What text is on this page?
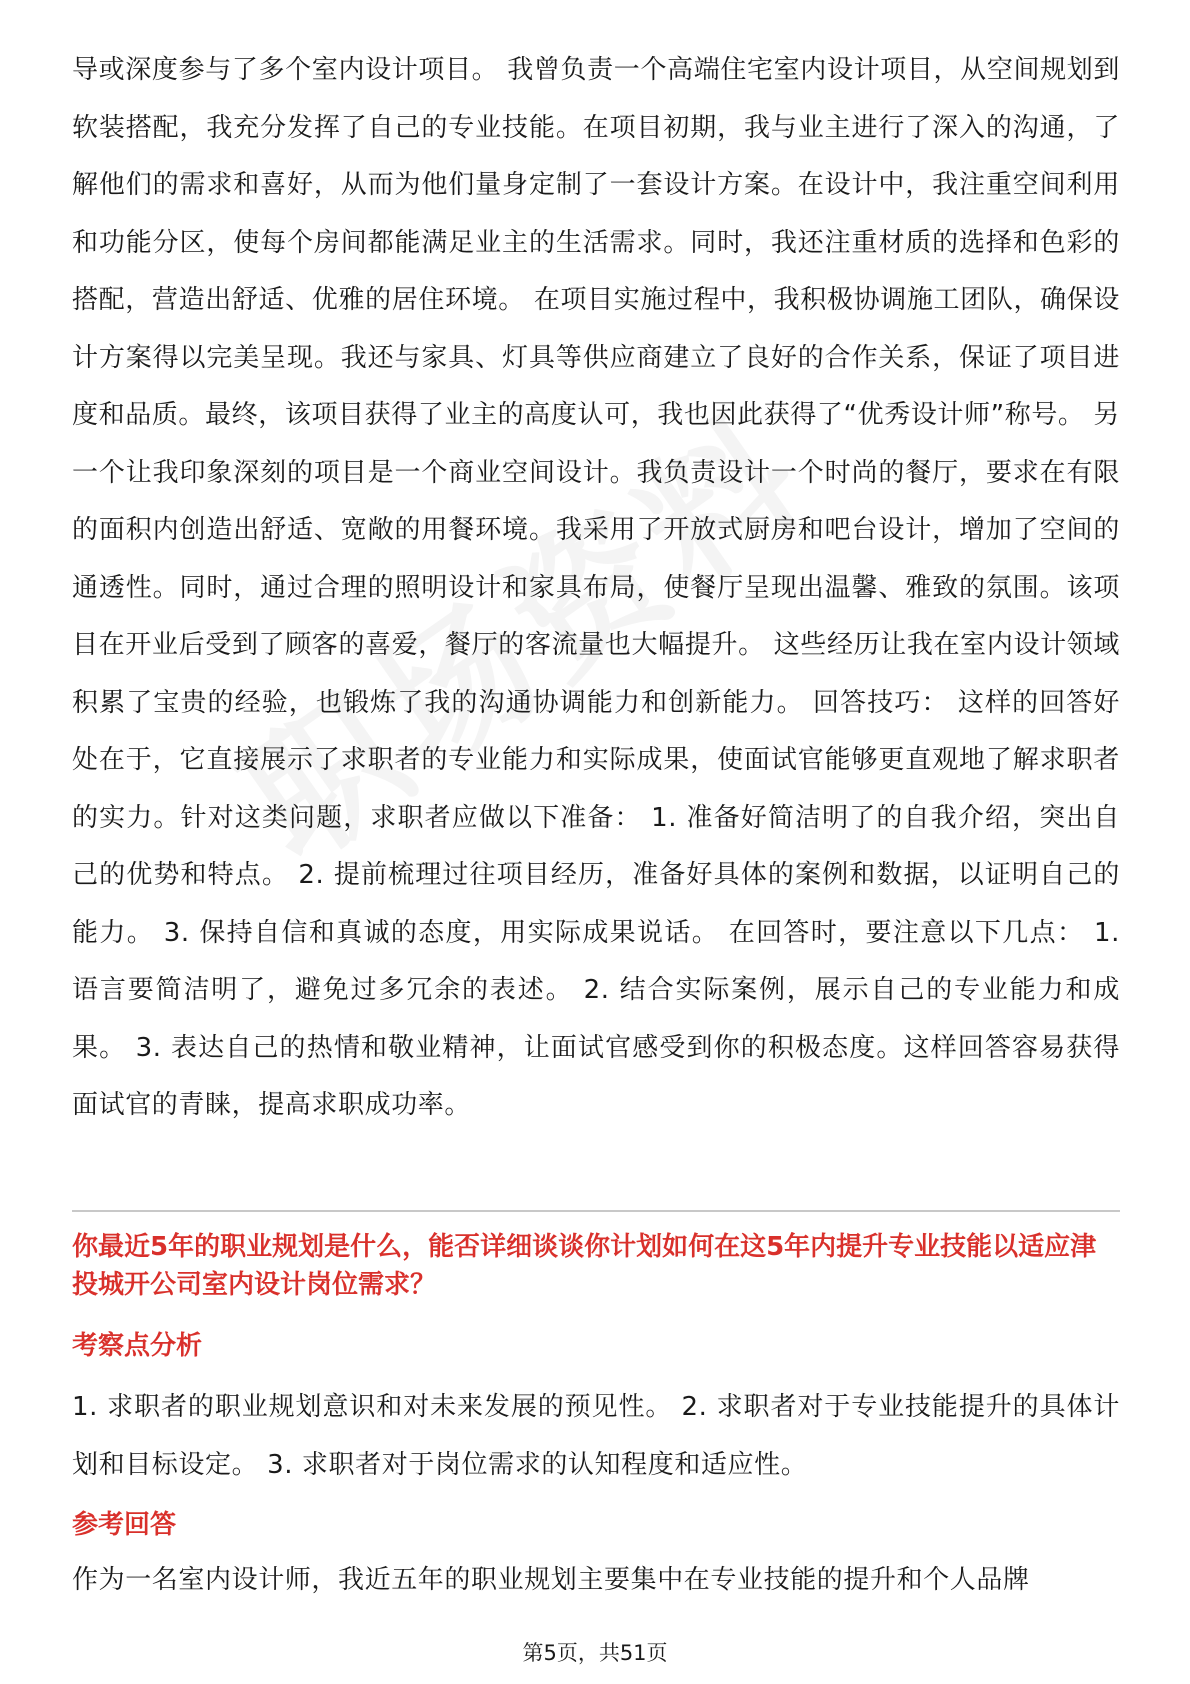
导或深度参与了多个室内设计项目。 我曾负责一个高端住宅室内设计项目，从空间规划到软装搭配，我充分发挥了自己的专业技能。在项目初期，我与业主进行了深入的沟通，了解他们的需求和喜好，从而为他们量身定制了一套设计方案。在设计中，我注重空间利用和功能分区，使每个房间都能满足业主的生活需求。同时，我还注重材质的选择和色彩的搭配，营造出舒适、优雅的居住环境。 在项目实施过程中，我积极协调施工团队，确保设计方案得以完美呈现。我还与家具、灯具等供应商建立了良好的合作关系，保证了项目进度和品质。最终，该项目获得了业主的高度认可，我也因此获得了“优秀设计师”称号。 另一个让我印象深刻的项目是一个商业空间设计。我负责设计一个时尚的餐厅，要求在有限的面积内创造出舒适、宽敞的用餐环境。我采用了开放式厨房和吧台设计，增加了空间的通透性。同时，通过合理的照明设计和家具布局，使餐厅呈现出温馨、雅致的氛围。该项目在开业后受到了顾客的喜爱，餐厅的客流量也大幅提升。 这些经历让我在室内设计领域积累了宝贵的经验，也锻炼了我的沟通协调能力和创新能力。 回答技巧： 这样的回答好处在于，它直接展示了求职者的专业能力和实际成果，使面试官能够更直观地了解求职者的实力。针对这类问题，求职者应做以下准备： 1. 准备好简洁明了的自我介绍，突出自己的优势和特点。 2. 提前梳理过往项目经历，准备好具体的案例和数据，以证明自己的能力。 3. 保持自信和真诚的态度，用实际成果说话。 在回答时，要注意以下几点： 1. 语言要简洁明了，避免过多冗余的表述。 2. 结合实际案例，展示自己的专业能力和成果。 3. 表达自己的热情和敬业精神，让面试官感受到你的积极态度。这样回答容易获得面试官的青睐，提高求职成功率。

你最近5年的职业规划是什么，能否详细谈谈你计划如何在这5年内提升专业技能以适应津投城开公司室内设计岗位需求？

考察点分析

1. 求职者的职业规划意识和对未来发展的预见性。 2. 求职者对于专业技能提升的具体计划和目标设定。 3. 求职者对于岗位需求的认知程度和适应性。

参考回答

作为一名室内设计师，我近五年的职业规划主要集中在专业技能的提升和个人品牌

第5页，共51页
